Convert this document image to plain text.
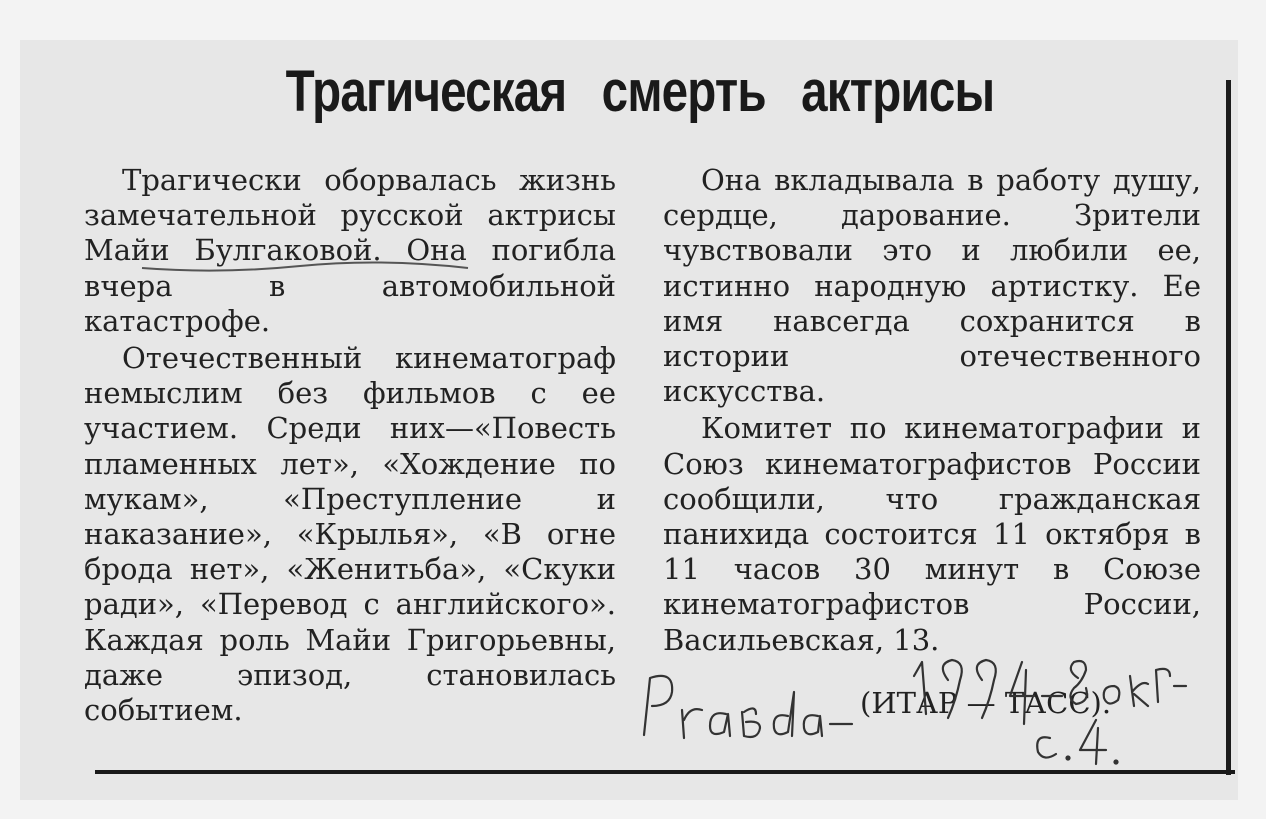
Трагическая смерть актрисы

Трагически оборвалась жизнь замечательной русской актрисы Майи Булгаковой. Она погибла вчера в автомобильной катастрофе.

Отечественный кинематограф немыслим без фильмов с ее участием. Среди них—«Повесть пламенных лет», «Хождение по мукам», «Преступление и наказание», «Крылья», «В огне брода нет», «Женитьба», «Скуки ради», «Перевод с английского». Каждая роль Майи Григорьевны, даже эпизод, становилась событием.

Она вкладывала в работу душу, сердце, дарование. Зрители чувствовали это и любили ее, истинно народную артистку. Ее имя навсегда сохранится в истории отечественного искусства.

Комитет по кинематографии и Союз кинематографистов России сообщили, что гражданская панихида состоится 11 октября в 11 часов 30 минут в Союзе кинематографистов России, Васильевская, 13.

(ИТАР — ТАСС).
